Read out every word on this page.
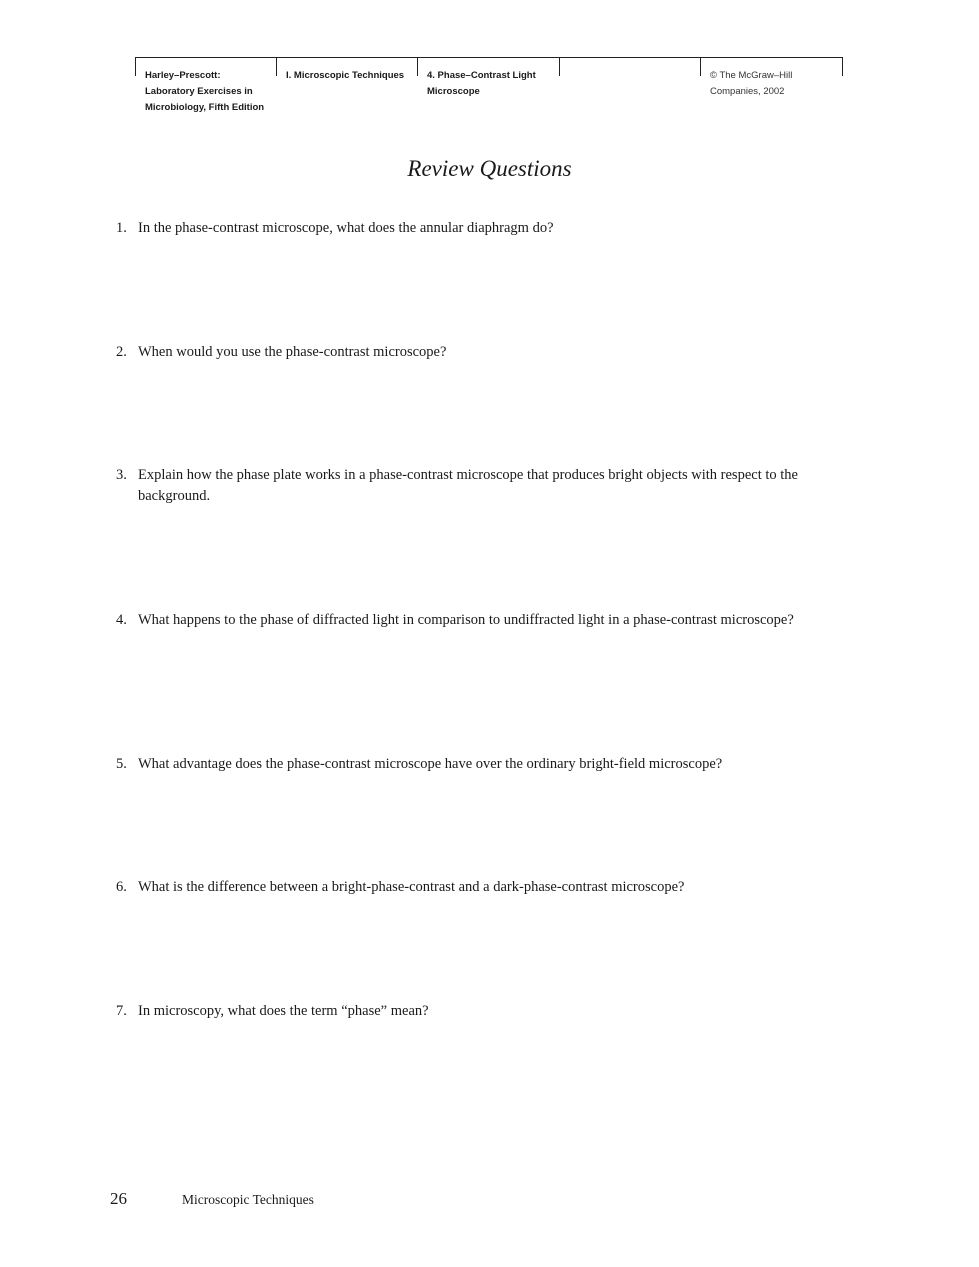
Harley–Prescott:
Laboratory Exercises in
Microbiology, Fifth Edition
I. Microscopic Techniques 4. Phase–Contrast Light
Microscope
© The McGraw–Hill
Companies, 2002
Review Questions
1. In the phase-contrast microscope, what does the annular diaphragm do?
2. When would you use the phase-contrast microscope?
3. Explain how the phase plate works in a phase-contrast microscope that produces bright objects with respect to the background.
4. What happens to the phase of diffracted light in comparison to undiffracted light in a phase-contrast microscope?
5. What advantage does the phase-contrast microscope have over the ordinary bright-field microscope?
6. What is the difference between a bright-phase-contrast and a dark-phase-contrast microscope?
7. In microscopy, what does the term “phase” mean?
26	Microscopic Techniques
